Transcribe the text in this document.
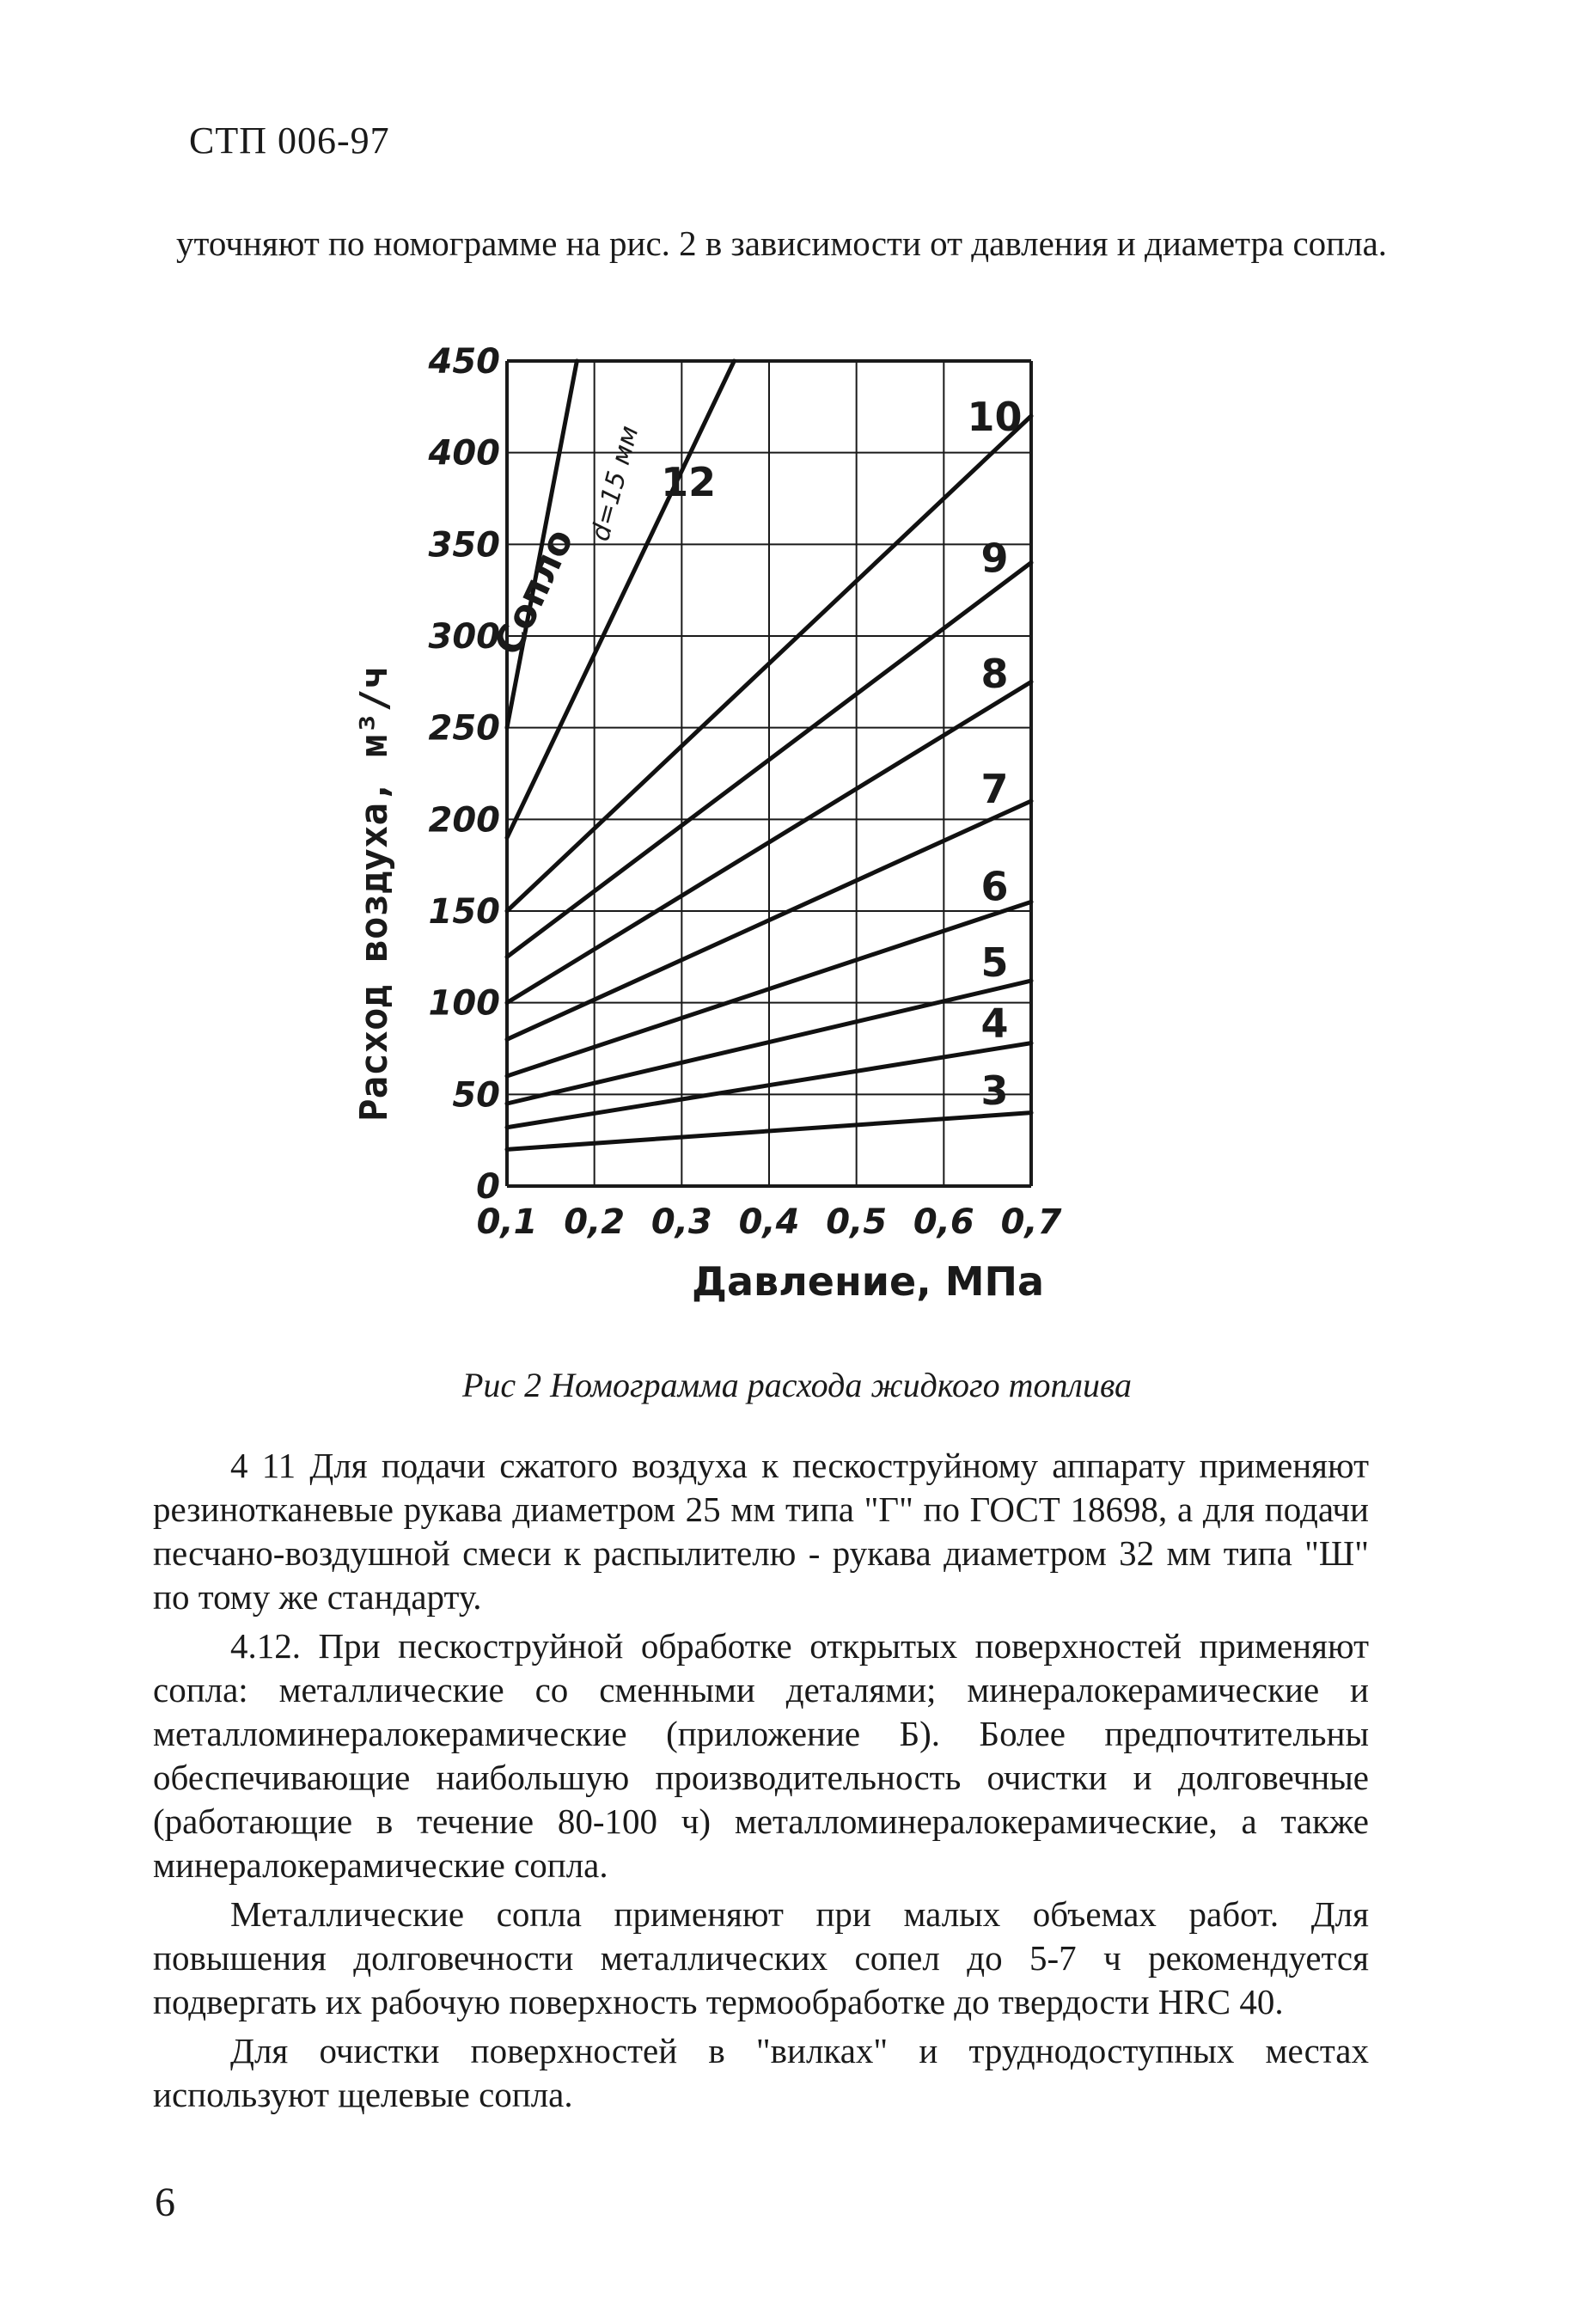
СТП 006-97

уточняют по номограмме на рис. 2 в зависимости от давления и диаметра сопла.

0
50
100
150
200
250
300
350
400
450
0,1 0,2 0,3 0,4 0,5 0,6 0,7
12
10
9
8
7
6
5
4
3
Расход воздуха, м³/ч
Давление, МПа
Сопло
d=15 мм
Рис 2 Номограмма расхода жидкого топлива

4 11 Для подачи сжатого воздуха к пескоструйному аппарату применяют резинотканевые рукава диаметром 25 мм типа "Г" по ГОСТ 18698, а для подачи песчано-воздушной смеси к распылителю - рукава диаметром 32 мм типа "Ш" по тому же стандарту.

4.12. При пескоструйной обработке открытых поверхностей применяют сопла: металлические со сменными деталями; минералокерамические и металломинералокерамические (приложение Б). Более предпочтительны обеспечивающие наибольшую производительность очистки и долговечные (работающие в течение 80-100 ч) металломинералокерамические, а также минералокерамические сопла.

Металлические сопла применяют при малых объемах работ. Для повышения долговечности металлических сопел до 5-7 ч рекомендуется подвергать их рабочую поверхность термообработке до твердости HRC 40.

Для очистки поверхностей в "вилках" и труднодоступных местах используют щелевые сопла.

6
